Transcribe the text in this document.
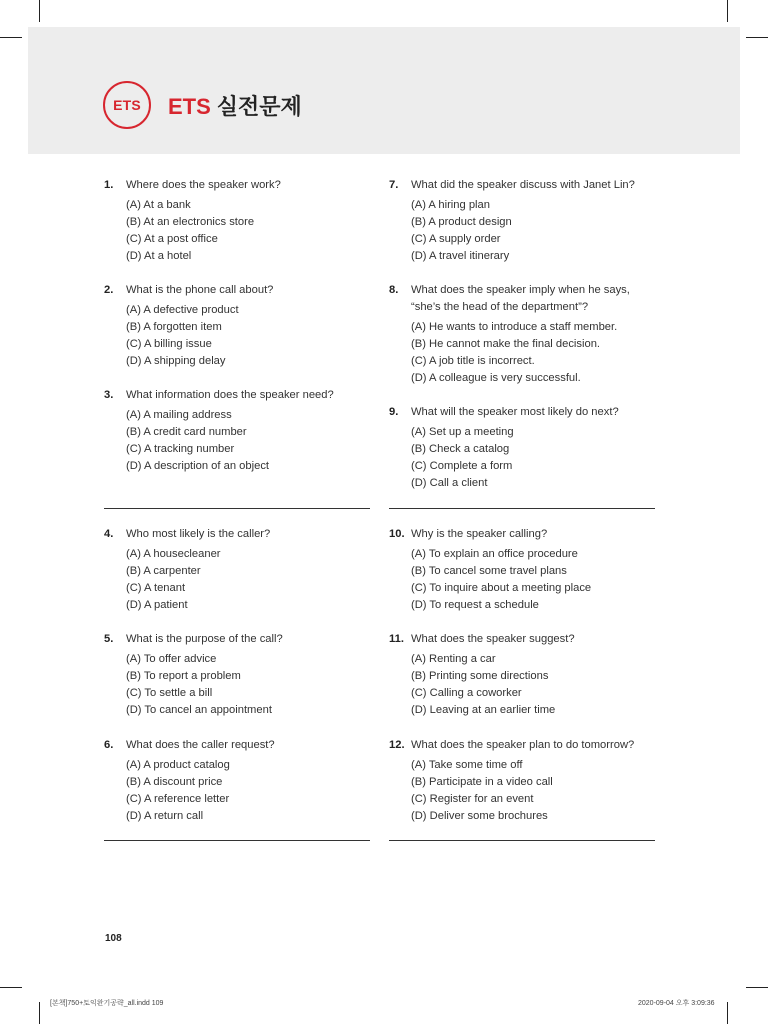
ETS ETS 실전문제
1.	Where does the speaker work?
(A) At a bank
(B) At an electronics store
(C) At a post office
(D) At a hotel
2.	What is the phone call about?
(A) A defective product
(B) A forgotten item
(C) A billing issue
(D) A shipping delay
3.	What information does the speaker need?
(A) A mailing address
(B) A credit card number
(C) A tracking number
(D) A description of an object
7.	What did the speaker discuss with Janet Lin?
(A) A hiring plan
(B) A product design
(C) A supply order
(D) A travel itinerary
8.	What does the speaker imply when he says,
“she’s the head of the department”?
(A) He wants to introduce a staff member.
(B) He cannot make the final decision.
(C) A job title is incorrect.
(D) A colleague is very successful.
9.	What will the speaker most likely do next?
(A) Set up a meeting
(B) Check a catalog
(C) Complete a form
(D) Call a client
4.	Who most likely is the caller?
(A) A housecleaner
(B) A carpenter
(C) A tenant
(D) A patient
5.	What is the purpose of the call?
(A) To offer advice
(B) To report a problem
(C) To settle a bill
(D) To cancel an appointment
6.	What does the caller request?
(A) A product catalog
(B) A discount price
(C) A reference letter
(D) A return call
10. Why is the speaker calling?
(A) To explain an office procedure
(B) To cancel some travel plans
(C) To inquire about a meeting place
(D) To request a schedule
11. What does the speaker suggest?
(A) Renting a car
(B) Printing some directions
(C) Calling a coworker
(D) Leaving at an earlier time
12. What does the speaker plan to do tomorrow?
(A) Take some time off
(B) Participate in a video call
(C) Register for an event
(D) Deliver some brochures
108
[본책]750+토익완기공략_all.indd 109	2020-09-04 오후 3:09:36
